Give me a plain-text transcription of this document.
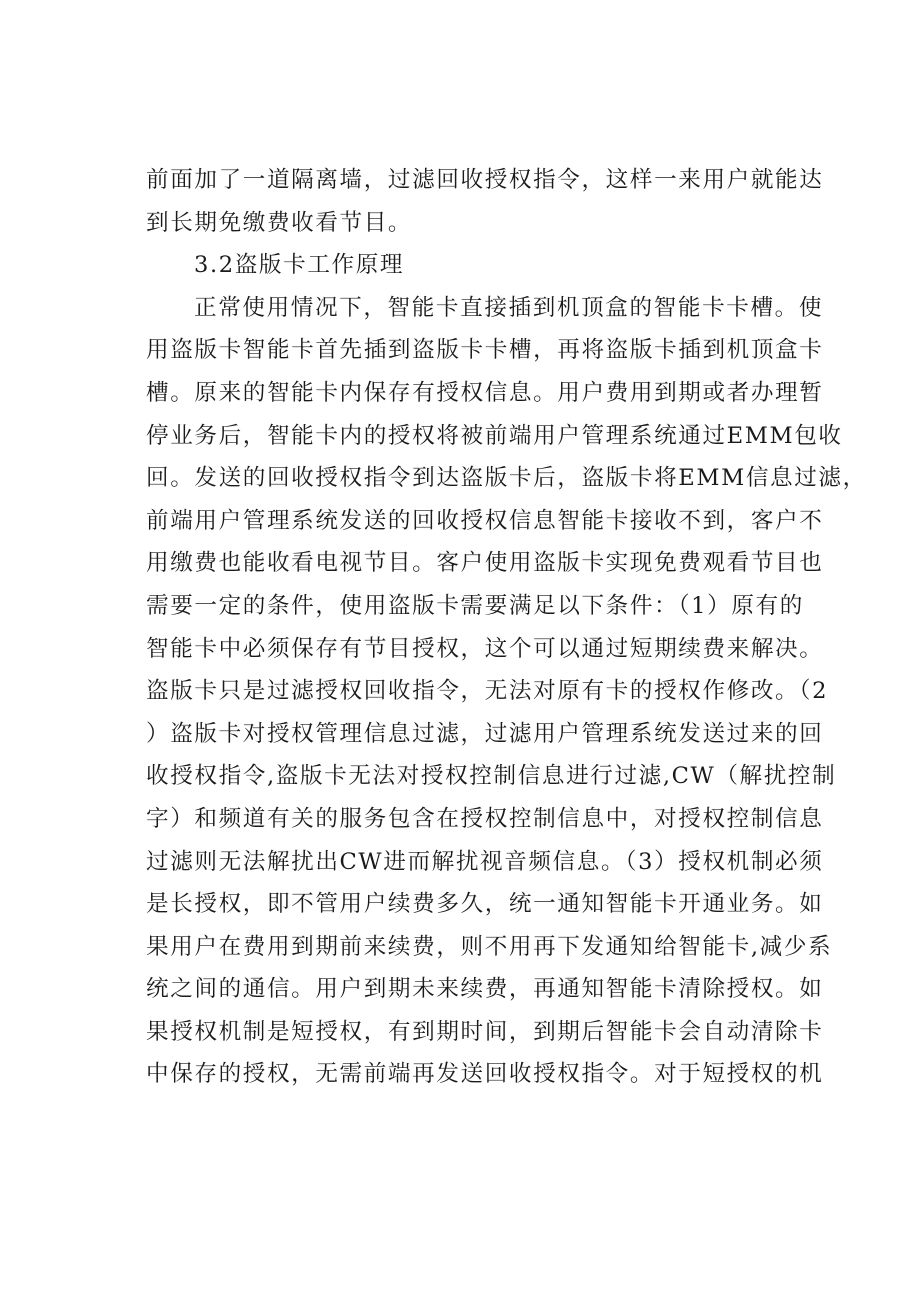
前面加了一道隔离墙，过滤回收授权指令，这样一来用户就能达
到长期免缴费收看节目。
3.2盗版卡工作原理
正常使用情况下，智能卡直接插到机顶盒的智能卡卡槽。使
用盗版卡智能卡首先插到盗版卡卡槽，再将盗版卡插到机顶盒卡
槽。原来的智能卡内保存有授权信息。用户费用到期或者办理暂
停业务后，智能卡内的授权将被前端用户管理系统通过EMM包收
回。发送的回收授权指令到达盗版卡后，盗版卡将EMM信息过滤，
前端用户管理系统发送的回收授权信息智能卡接收不到，客户不
用缴费也能收看电视节目。客户使用盗版卡实现免费观看节目也
需要一定的条件，使用盗版卡需要满足以下条件：（1）原有的
智能卡中必须保存有节目授权，这个可以通过短期续费来解决。
盗版卡只是过滤授权回收指令，无法对原有卡的授权作修改。（2
）盗版卡对授权管理信息过滤，过滤用户管理系统发送过来的回
收授权指令,盗版卡无法对授权控制信息进行过滤,CW（解扰控制
字）和频道有关的服务包含在授权控制信息中，对授权控制信息
过滤则无法解扰出CW进而解扰视音频信息。（3）授权机制必须
是长授权，即不管用户续费多久，统一通知智能卡开通业务。如
果用户在费用到期前来续费，则不用再下发通知给智能卡,减少系
统之间的通信。用户到期未来续费，再通知智能卡清除授权。如
果授权机制是短授权，有到期时间，到期后智能卡会自动清除卡
中保存的授权，无需前端再发送回收授权指令。对于短授权的机
